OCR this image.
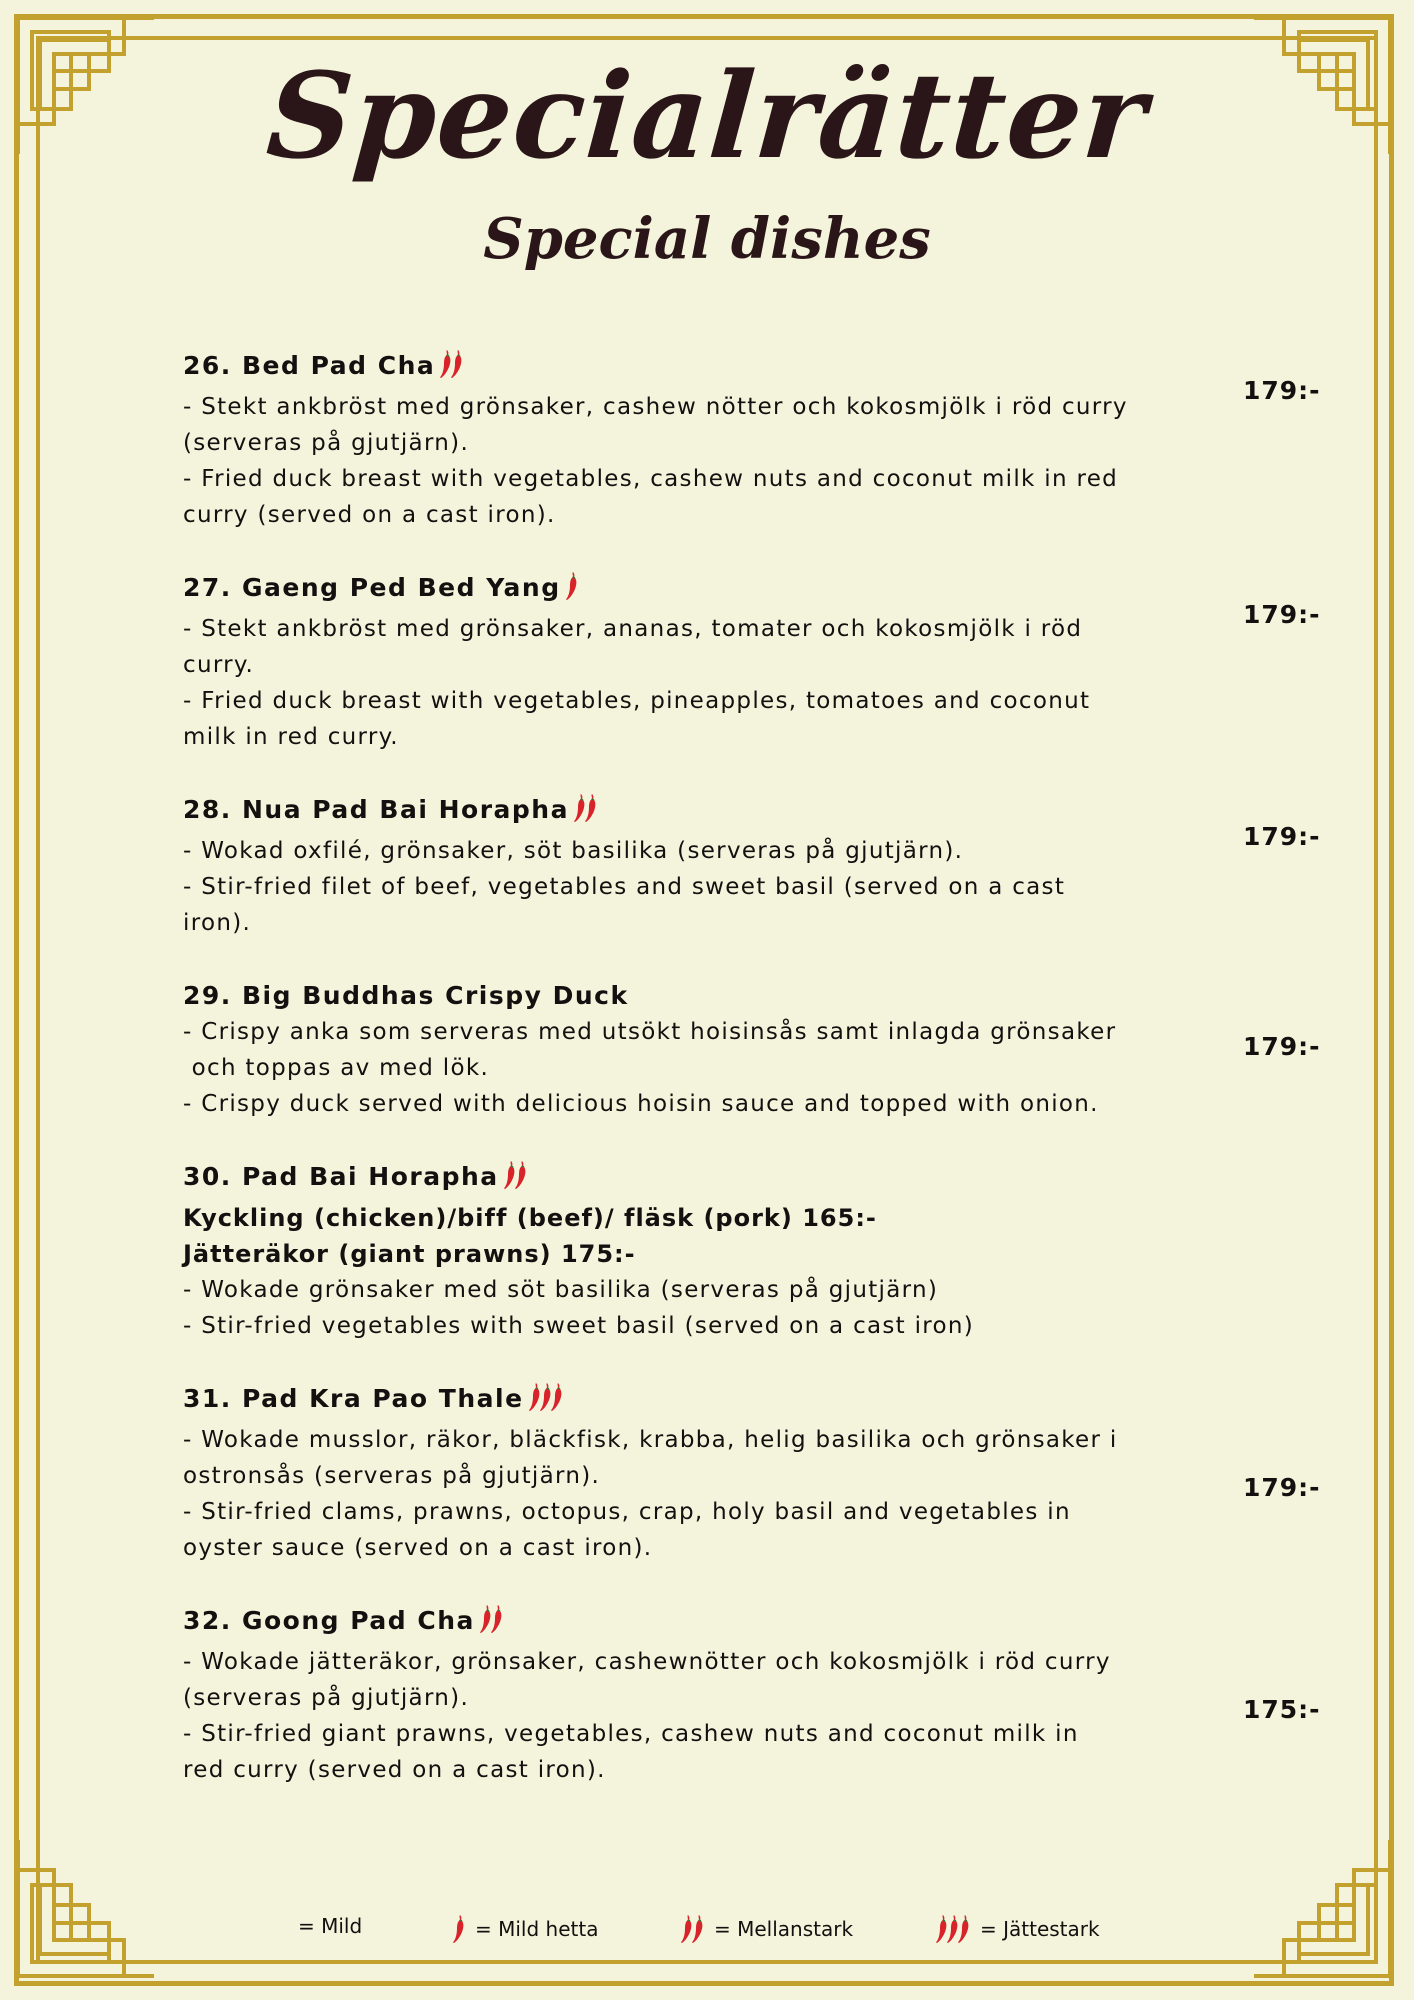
Specialrätter
Special dishes
26. Bed Pad Cha
- Stekt ankbröst med grönsaker, cashew nötter och kokosmjölk i röd curry
(serveras på gjutjärn).
- Fried duck breast with vegetables, cashew nuts and coconut milk in red
curry (served on a cast iron).
179:-
27. Gaeng Ped Bed Yang
- Stekt ankbröst med grönsaker, ananas, tomater och kokosmjölk i röd
curry.
- Fried duck breast with vegetables, pineapples, tomatoes and coconut
milk in red curry.
179:-
28. Nua Pad Bai Horapha
- Wokad oxfilé, grönsaker, söt basilika (serveras på gjutjärn).
- Stir-fried filet of beef, vegetables and sweet basil (served on a cast
iron).
179:-
29. Big Buddhas Crispy Duck
- Crispy anka som serveras med utsökt hoisinsås samt inlagda grönsaker
och toppas av med lök.
- Crispy duck served with delicious hoisin sauce and topped with onion.
179:-
30. Pad Bai Horapha
Kyckling (chicken)/biff (beef)/ fläsk (pork) 165:-
Jätteräkor (giant prawns) 175:-
- Wokade grönsaker med söt basilika (serveras på gjutjärn)
- Stir-fried vegetables with sweet basil (served on a cast iron)
31. Pad Kra Pao Thale
- Wokade musslor, räkor, bläckfisk, krabba, helig basilika och grönsaker i
ostronsås (serveras på gjutjärn).
- Stir-fried clams, prawns, octopus, crap, holy basil and vegetables in
oyster sauce (served on a cast iron).
179:-
32. Goong Pad Cha
- Wokade jätteräkor, grönsaker, cashewnötter och kokosmjölk i röd curry
(serveras på gjutjärn).
- Stir-fried giant prawns, vegetables, cashew nuts and coconut milk in
red curry (served on a cast iron).
175:-
= Mild	= Mild hetta	= Mellanstark	= Jättestark
